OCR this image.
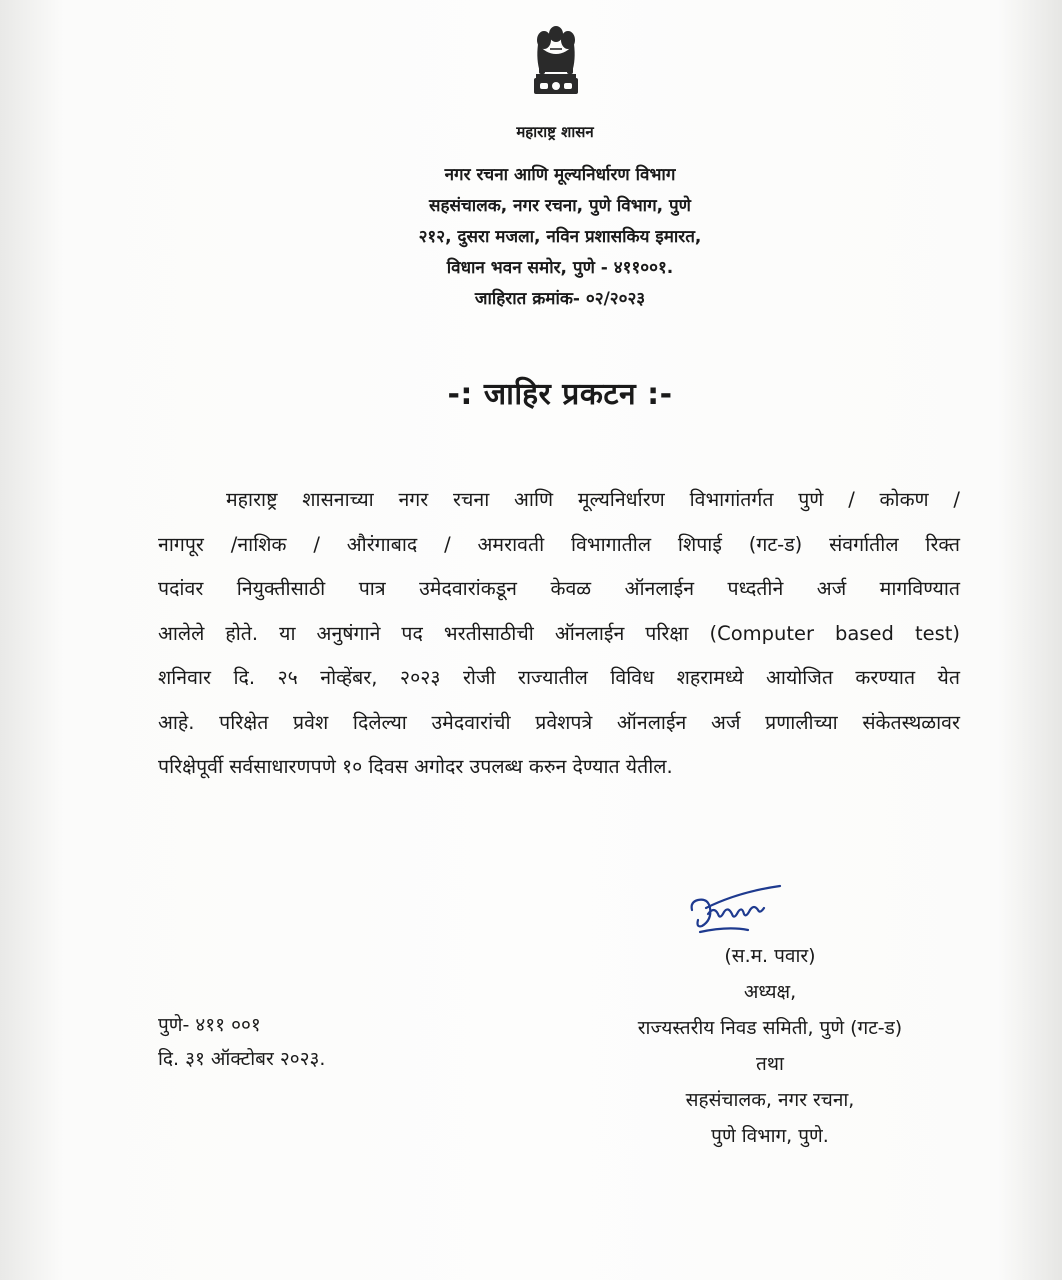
महाराष्ट्र शासन
नगर रचना आणि मूल्यनिर्धारण विभाग
सहसंचालक, नगर रचना, पुणे विभाग, पुणे
२१२, दुसरा मजला, नविन प्रशासकिय इमारत,
विधान भवन समोर, पुणे - ४११००१.
जाहिरात क्रमांक- ०२/२०२३
-: जाहिर प्रकटन :-
महाराष्ट्र शासनाच्या नगर रचना आणि मूल्यनिर्धारण विभागांतर्गत पुणे / कोकण /
नागपूर /नाशिक / औरंगाबाद / अमरावती विभागातील शिपाई (गट-ड) संवर्गातील रिक्त
पदांवर नियुक्तीसाठी पात्र उमेदवारांकडून केवळ ऑनलाईन पध्दतीने अर्ज मागविण्यात
आलेले होते. या अनुषंगाने पद भरतीसाठीची ऑनलाईन परिक्षा (Computer based test)
शनिवार दि. २५ नोव्हेंबर, २०२३ रोजी राज्यातील विविध शहरामध्ये आयोजित करण्यात येत
आहे. परिक्षेत प्रवेश दिलेल्या उमेदवारांची प्रवेशपत्रे ऑनलाईन अर्ज प्रणालीच्या संकेतस्थळावर
परिक्षेपूर्वी सर्वसाधारणपणे १० दिवस अगोदर उपलब्ध करुन देण्यात येतील.
(स.म. पवार)
अध्यक्ष,
राज्यस्तरीय निवड समिती, पुणे (गट-ड)
तथा
सहसंचालक, नगर रचना,
पुणे विभाग, पुणे.
पुणे- ४११ ००१
दि. ३१ ऑक्टोबर २०२३.
